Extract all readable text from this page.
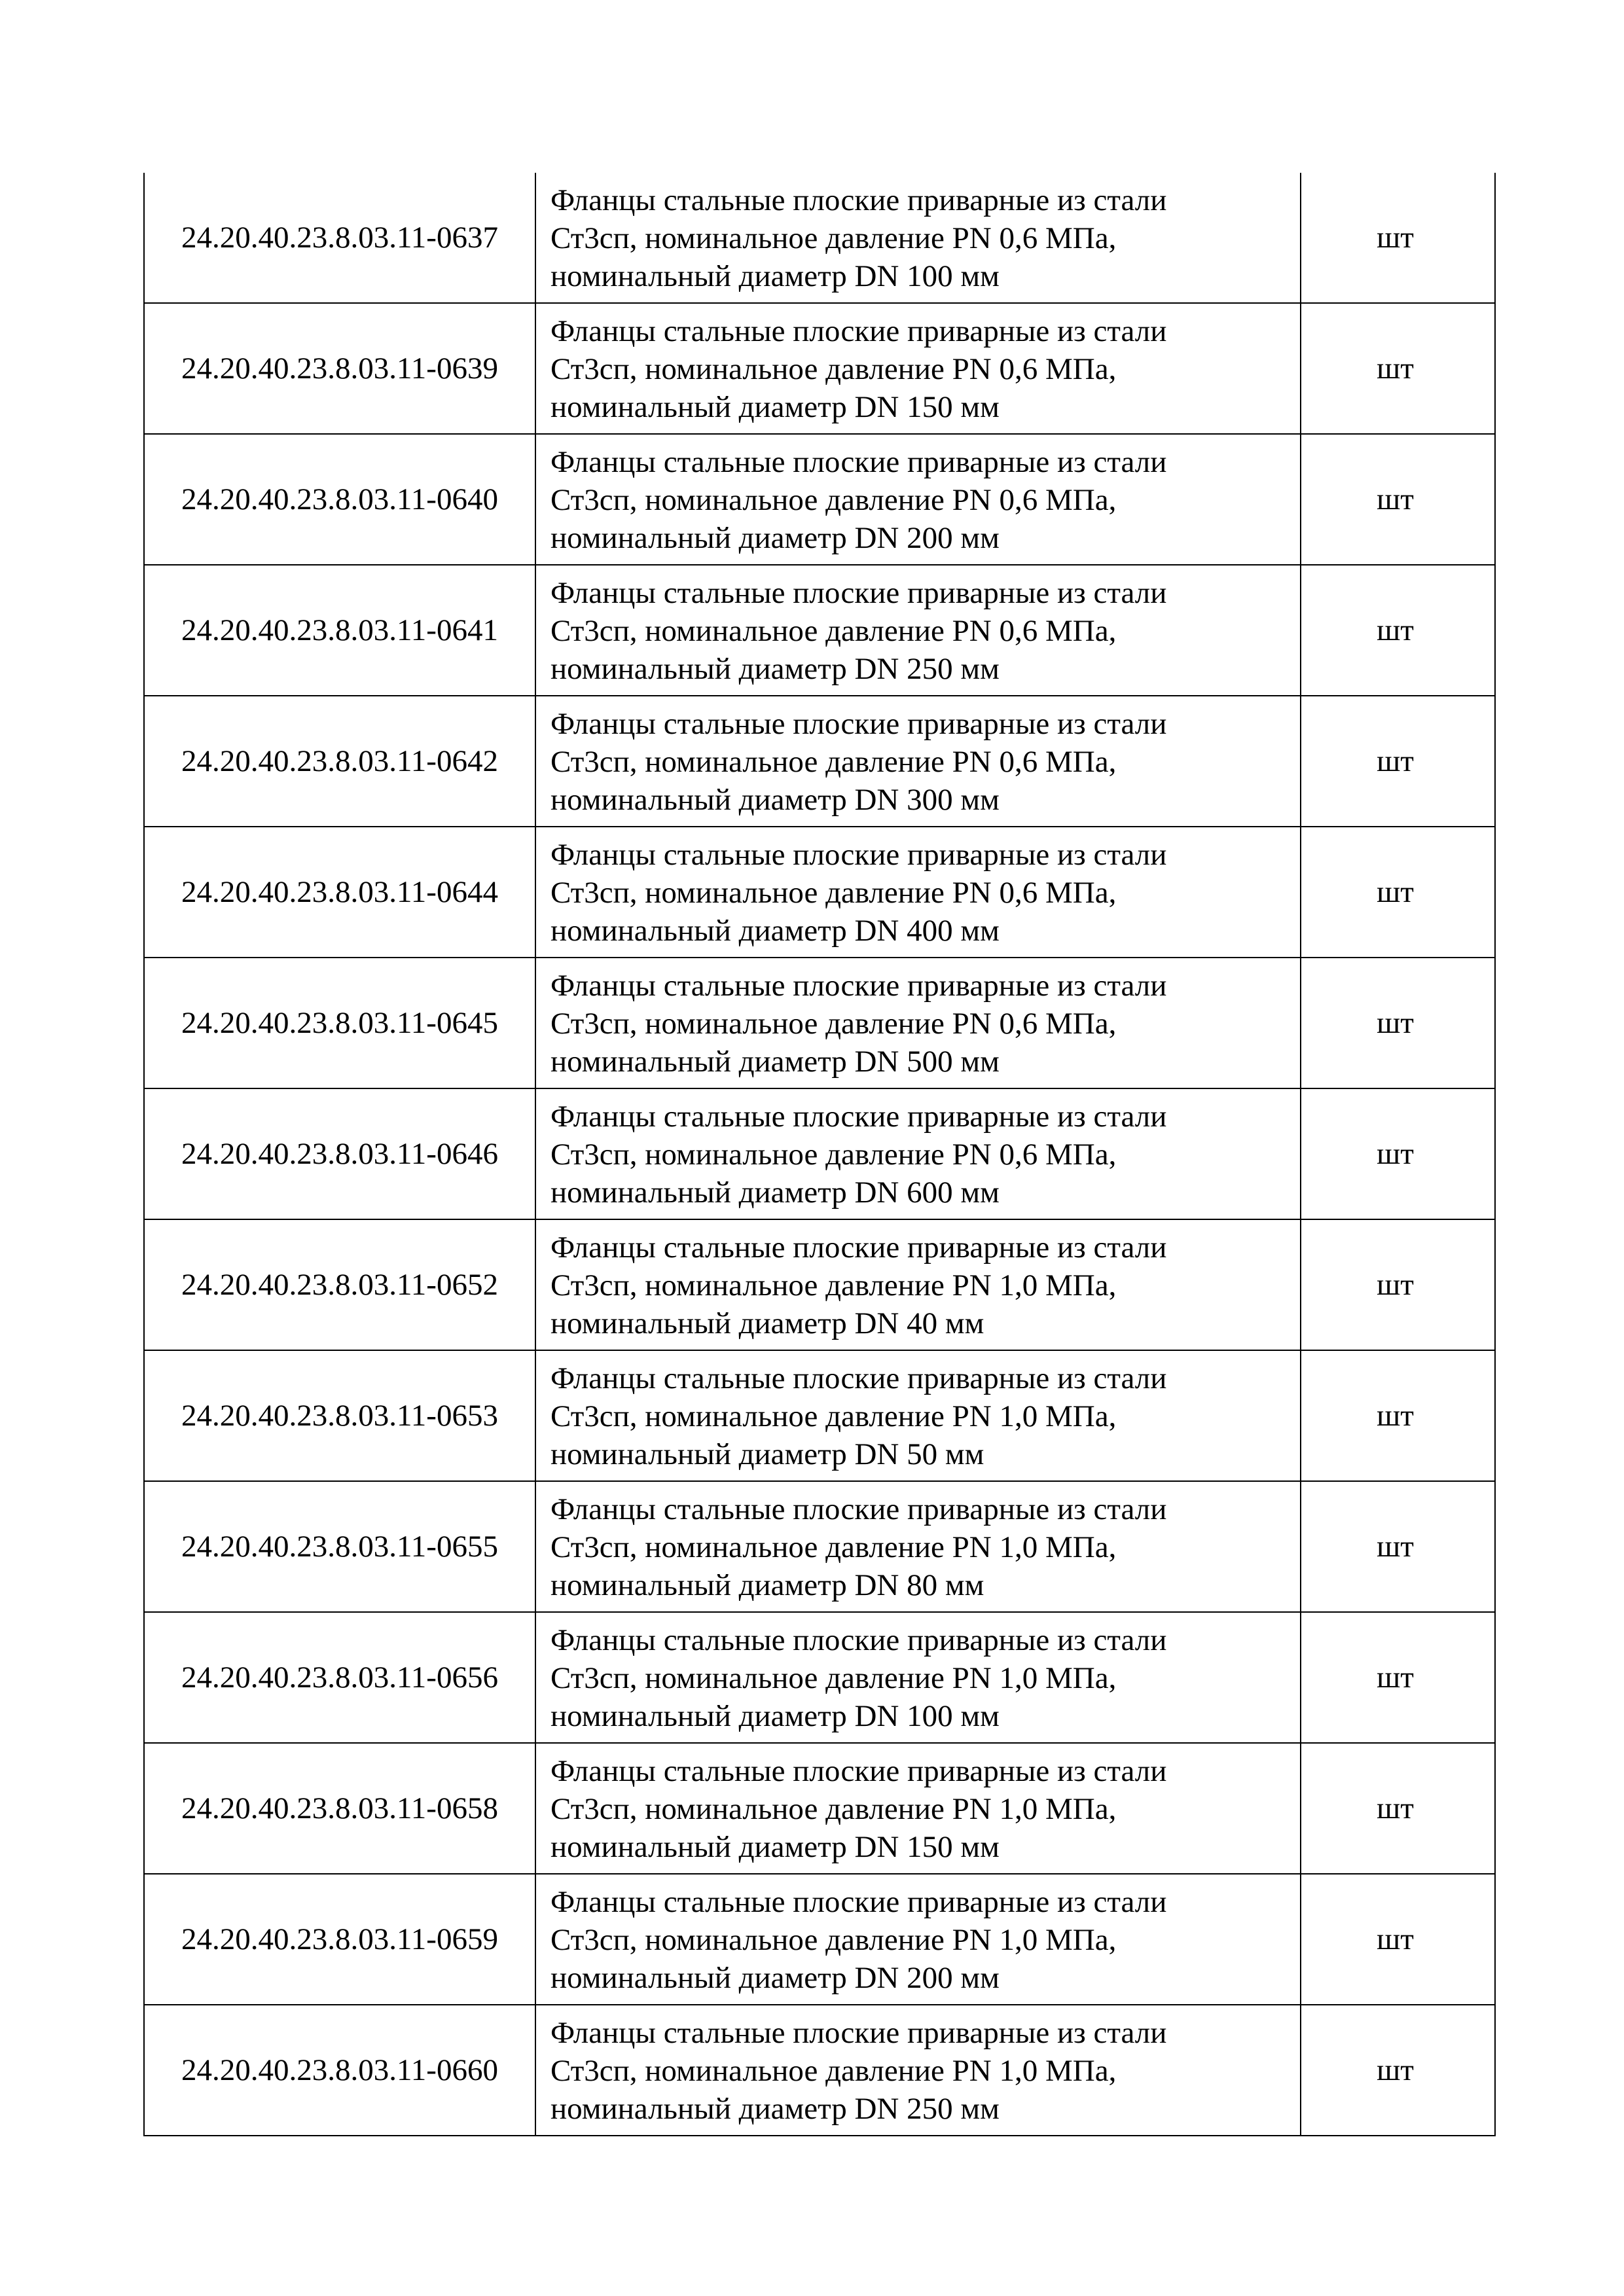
24.20.40.23.8.03.11-0637	Фланцы стальные плоские приварные из стали
Ст3сп, номинальное давление PN 0,6 МПа,
номинальный диаметр DN 100 мм	шт
24.20.40.23.8.03.11-0639	Фланцы стальные плоские приварные из стали
Ст3сп, номинальное давление PN 0,6 МПа,
номинальный диаметр DN 150 мм	шт
24.20.40.23.8.03.11-0640	Фланцы стальные плоские приварные из стали
Ст3сп, номинальное давление PN 0,6 МПа,
номинальный диаметр DN 200 мм	шт
24.20.40.23.8.03.11-0641	Фланцы стальные плоские приварные из стали
Ст3сп, номинальное давление PN 0,6 МПа,
номинальный диаметр DN 250 мм	шт
24.20.40.23.8.03.11-0642	Фланцы стальные плоские приварные из стали
Ст3сп, номинальное давление PN 0,6 МПа,
номинальный диаметр DN 300 мм	шт
24.20.40.23.8.03.11-0644	Фланцы стальные плоские приварные из стали
Ст3сп, номинальное давление PN 0,6 МПа,
номинальный диаметр DN 400 мм	шт
24.20.40.23.8.03.11-0645	Фланцы стальные плоские приварные из стали
Ст3сп, номинальное давление PN 0,6 МПа,
номинальный диаметр DN 500 мм	шт
24.20.40.23.8.03.11-0646	Фланцы стальные плоские приварные из стали
Ст3сп, номинальное давление PN 0,6 МПа,
номинальный диаметр DN 600 мм	шт
24.20.40.23.8.03.11-0652	Фланцы стальные плоские приварные из стали
Ст3сп, номинальное давление PN 1,0 МПа,
номинальный диаметр DN 40 мм	шт
24.20.40.23.8.03.11-0653	Фланцы стальные плоские приварные из стали
Ст3сп, номинальное давление PN 1,0 МПа,
номинальный диаметр DN 50 мм	шт
24.20.40.23.8.03.11-0655	Фланцы стальные плоские приварные из стали
Ст3сп, номинальное давление PN 1,0 МПа,
номинальный диаметр DN 80 мм	шт
24.20.40.23.8.03.11-0656	Фланцы стальные плоские приварные из стали
Ст3сп, номинальное давление PN 1,0 МПа,
номинальный диаметр DN 100 мм	шт
24.20.40.23.8.03.11-0658	Фланцы стальные плоские приварные из стали
Ст3сп, номинальное давление PN 1,0 МПа,
номинальный диаметр DN 150 мм	шт
24.20.40.23.8.03.11-0659	Фланцы стальные плоские приварные из стали
Ст3сп, номинальное давление PN 1,0 МПа,
номинальный диаметр DN 200 мм	шт
24.20.40.23.8.03.11-0660	Фланцы стальные плоские приварные из стали
Ст3сп, номинальное давление PN 1,0 МПа,
номинальный диаметр DN 250 мм	шт
